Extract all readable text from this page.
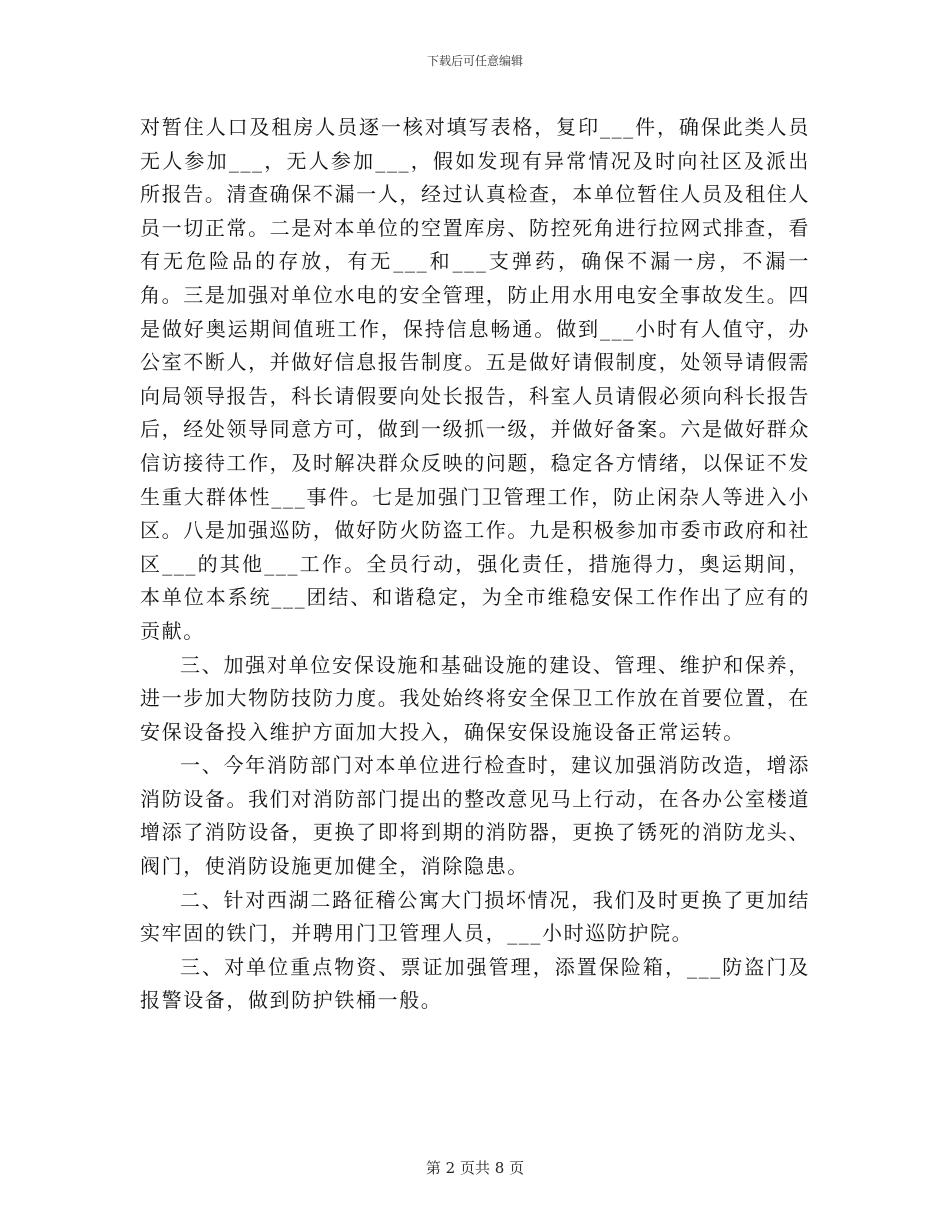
下载后可任意编辑

对暂住人口及租房人员逐一核对填写表格，复印___件，确保此类人员无人参加___，无人参加___，假如发现有异常情况及时向社区及派出所报告。清查确保不漏一人，经过认真检查，本单位暂住人员及租住人员一切正常。二是对本单位的空置库房、防控死角进行拉网式排查，看有无危险品的存放，有无___和___支弹药，确保不漏一房，不漏一角。三是加强对单位水电的安全管理，防止用水用电安全事故发生。四是做好奥运期间值班工作，保持信息畅通。做到___小时有人值守，办公室不断人，并做好信息报告制度。五是做好请假制度，处领导请假需向局领导报告，科长请假要向处长报告，科室人员请假必须向科长报告后，经处领导同意方可，做到一级抓一级，并做好备案。六是做好群众信访接待工作，及时解决群众反映的问题，稳定各方情绪，以保证不发生重大群体性___事件。七是加强门卫管理工作，防止闲杂人等进入小区。八是加强巡防，做好防火防盗工作。九是积极参加市委市政府和社区___的其他___工作。全员行动，强化责任，措施得力，奥运期间，本单位本系统___团结、和谐稳定，为全市维稳安保工作作出了应有的贡献。

三、加强对单位安保设施和基础设施的建设、管理、维护和保养，进一步加大物防技防力度。我处始终将安全保卫工作放在首要位置，在安保设备投入维护方面加大投入，确保安保设施设备正常运转。

一、今年消防部门对本单位进行检查时，建议加强消防改造，增添消防设备。我们对消防部门提出的整改意见马上行动，在各办公室楼道增添了消防设备，更换了即将到期的消防器，更换了锈死的消防龙头、阀门，使消防设施更加健全，消除隐患。

二、针对西湖二路征稽公寓大门损坏情况，我们及时更换了更加结实牢固的铁门，并聘用门卫管理人员，___小时巡防护院。

三、对单位重点物资、票证加强管理，添置保险箱，___防盗门及报警设备，做到防护铁桶一般。

第 2 页共 8 页
